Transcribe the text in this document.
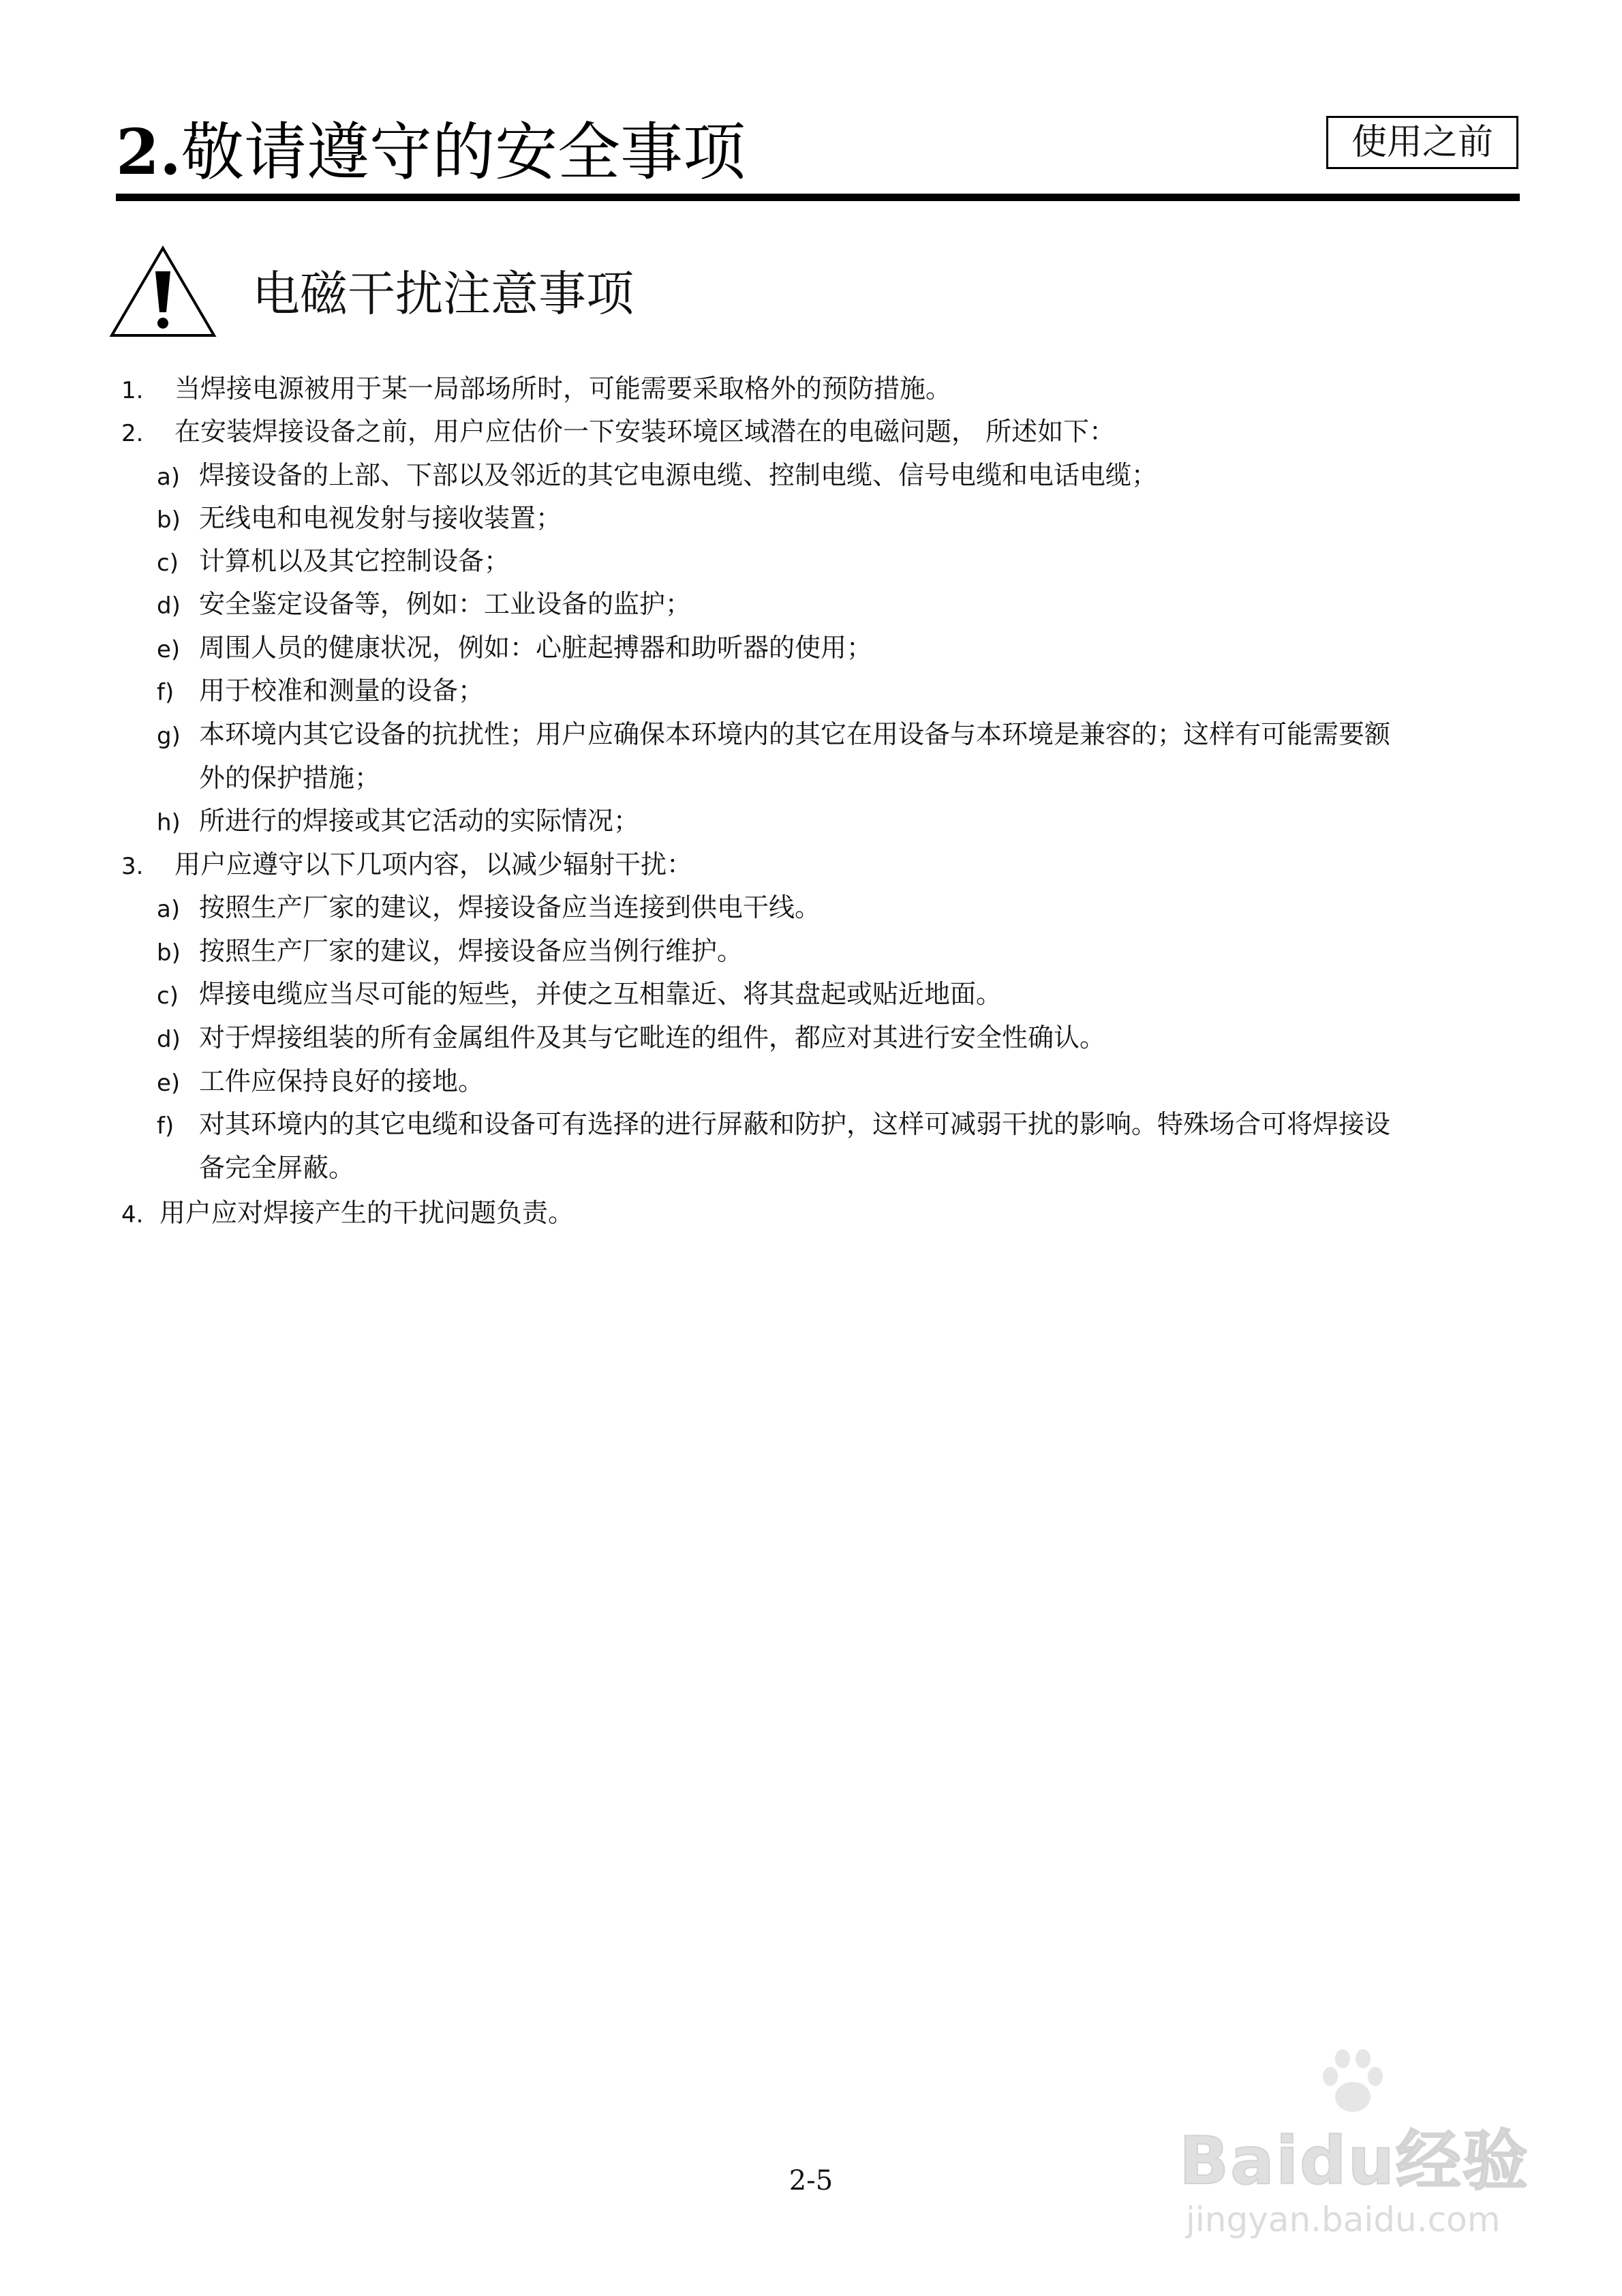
2.敬请遵守的安全事项	使用之前
电磁干扰注意事项
1. 当焊接电源被用于某一局部场所时，可能需要采取格外的预防措施。
2. 在安装焊接设备之前，用户应估价一下安装环境区域潜在的电磁问题， 所述如下：
a) 焊接设备的上部、下部以及邻近的其它电源电缆、控制电缆、信号电缆和电话电缆；
b) 无线电和电视发射与接收装置；
c) 计算机以及其它控制设备；
d) 安全鉴定设备等，例如：工业设备的监护；
e) 周围人员的健康状况，例如：心脏起搏器和助听器的使用；
f) 用于校准和测量的设备；
g) 本环境内其它设备的抗扰性；用户应确保本环境内的其它在用设备与本环境是兼容的；这样有可能需要额
外的保护措施；
h) 所进行的焊接或其它活动的实际情况；
3. 用户应遵守以下几项内容，以减少辐射干扰：
a) 按照生产厂家的建议，焊接设备应当连接到供电干线。
b) 按照生产厂家的建议，焊接设备应当例行维护。
c) 焊接电缆应当尽可能的短些，并使之互相靠近、将其盘起或贴近地面。
d) 对于焊接组装的所有金属组件及其与它毗连的组件，都应对其进行安全性确认。
e) 工件应保持良好的接地。
f) 对其环境内的其它电缆和设备可有选择的进行屏蔽和防护，这样可减弱干扰的影响。特殊场合可将焊接设
备完全屏蔽。
4. 用户应对焊接产生的干扰问题负责。
2-5	Baidu经验
jingyan.baidu.com
